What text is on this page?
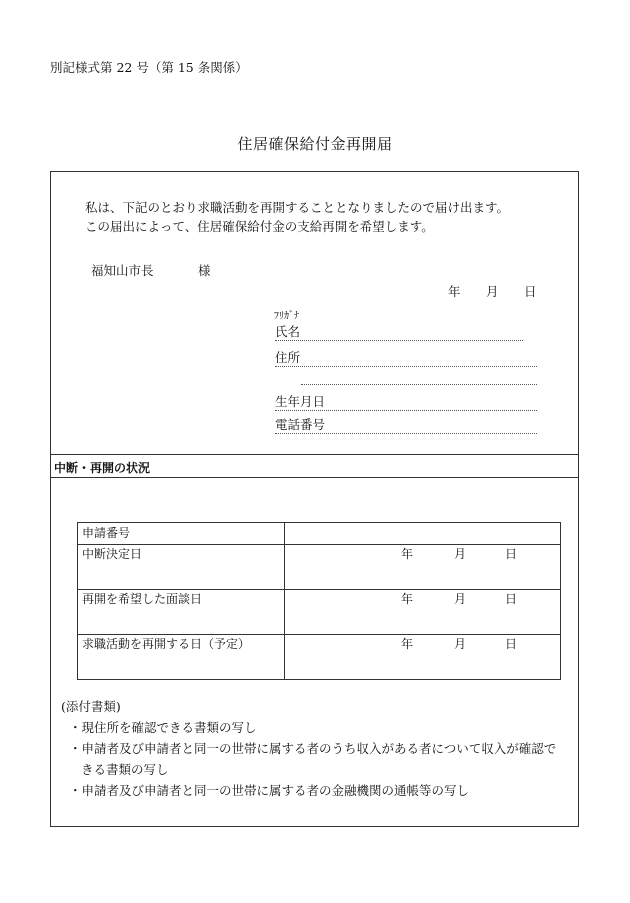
別記様式第 22 号（第 15 条関係）
住居確保給付金再開届
私は、下記のとおり求職活動を再開することとなりましたので届け出ます。
この届出によって、住居確保給付金の支給再開を希望します。
福知山市長	様
年 月 日
ﾌﾘｶﾞﾅ
氏名
住所
生年月日
電話番号
中断・再開の状況
申請番号	
中断決定日	年 月 日

再開を希望した面談日	年 月 日

求職活動を再開する日（予定）	年 月 日
(添付書類)
・現住所を確認できる書類の写し
・申請者及び申請者と同一の世帯に属する者のうち収入がある者について収入が確認で
きる書類の写し
・申請者及び申請者と同一の世帯に属する者の金融機関の通帳等の写し
